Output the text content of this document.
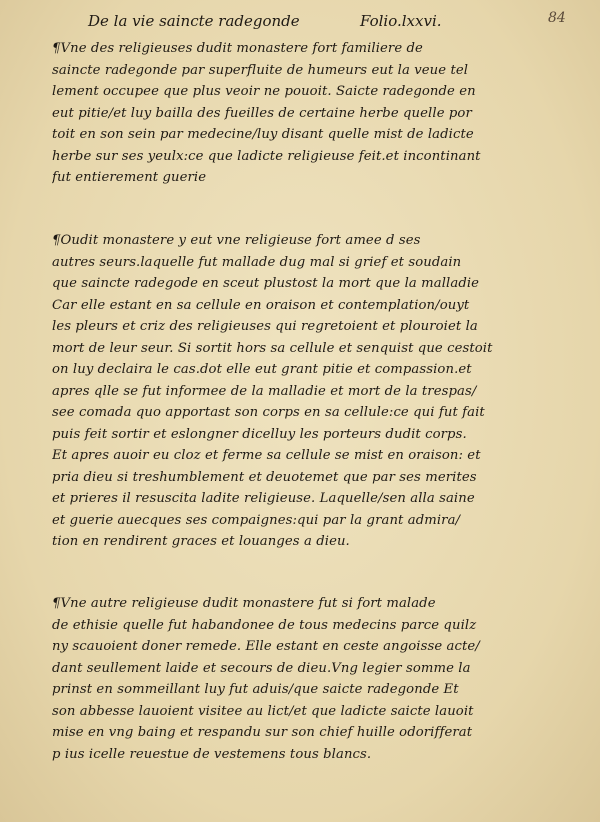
De la vie saincte radegonde	Folio.lxxvi.	84
¶Vne des religieuses dudit monastere fort familiere de
saincte radegonde par superfluite de humeurs eut la veue tel
lement occupee que plus veoir ne pouoit. Saicte radegonde en
eut pitie/et luy bailla des fueilles de certaine herbe quelle por
toit en son sein par medecine/luy disant quelle mist de ladicte
herbe sur ses yeulx:ce que ladicte religieuse feit.et incontinant
fut entierement guerie
¶Oudit monastere y eut vne religieuse fort amee d ses
autres seurs.laquelle fut mallade dug mal si grief et soudain
que saincte radegode en sceut plustost la mort que la malladie
Car elle estant en sa cellule en oraison et contemplation/ouyt
les pleurs et criz des religieuses qui regretoient et plouroiet la
mort de leur seur. Si sortit hors sa cellule et senquist que cestoit
on luy declaira le cas.dot elle eut grant pitie et compassion.et
apres qlle se fut informee de la malladie et mort de la trespas/
see comada quo apportast son corps en sa cellule:ce qui fut fait
puis feit sortir et eslongner dicelluy les porteurs dudit corps.
Et apres auoir eu cloz et ferme sa cellule se mist en oraison: et
pria dieu si treshumblement et deuotemet que par ses merites
et prieres il resuscita ladite religieuse. Laquelle/sen alla saine
et guerie auecques ses compaignes:qui par la grant admira/
tion en rendirent graces et louanges a dieu.
¶Vne autre religieuse dudit monastere fut si fort malade
de ethisie quelle fut habandonee de tous medecins parce quilz
ny scauoient doner remede. Elle estant en ceste angoisse acte/
dant seullement laide et secours de dieu.Vng legier somme la
prinst en sommeillant luy fut aduis/que saicte radegonde Et
son abbesse lauoient visitee au lict/et que ladicte saicte lauoit
mise en vng baing et respandu sur son chief huille odorifferat
p ius icelle reuestue de vestemens tous blancs.
